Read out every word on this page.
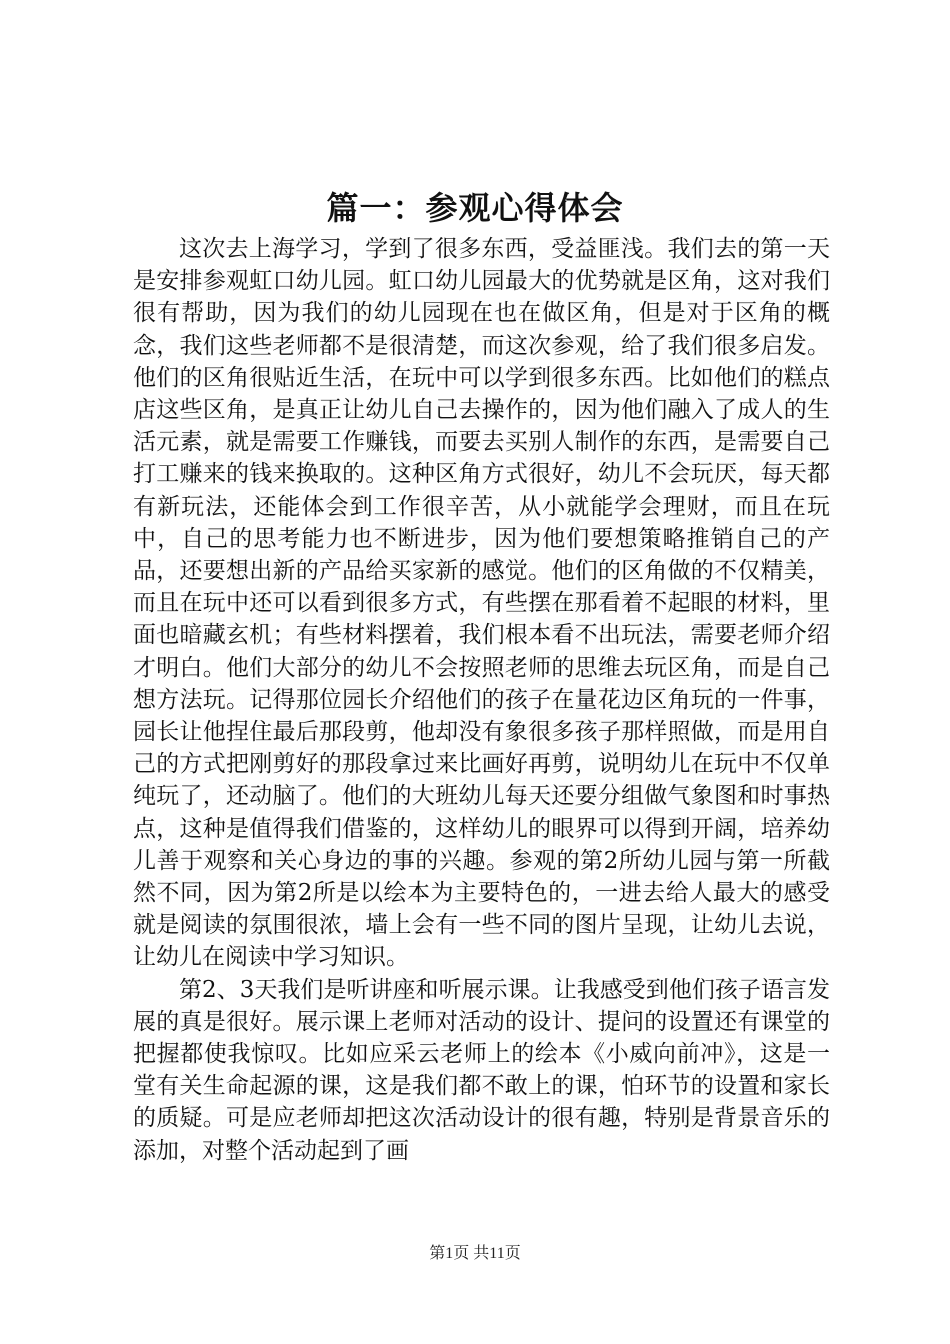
篇一：参观心得体会

这次去上海学习，学到了很多东西，受益匪浅。我们去的第一天是安排参观虹口幼儿园。虹口幼儿园最大的优势就是区角，这对我们很有帮助，因为我们的幼儿园现在也在做区角，但是对于区角的概念，我们这些老师都不是很清楚，而这次参观，给了我们很多启发。他们的区角很贴近生活，在玩中可以学到很多东西。比如他们的糕点店这些区角，是真正让幼儿自己去操作的，因为他们融入了成人的生活元素，就是需要工作赚钱，而要去买别人制作的东西，是需要自己打工赚来的钱来换取的。这种区角方式很好，幼儿不会玩厌，每天都有新玩法，还能体会到工作很辛苦，从小就能学会理财，而且在玩中，自己的思考能力也不断进步，因为他们要想策略推销自己的产品，还要想出新的产品给买家新的感觉。他们的区角做的不仅精美，而且在玩中还可以看到很多方式，有些摆在那看着不起眼的材料，里面也暗藏玄机；有些材料摆着，我们根本看不出玩法，需要老师介绍才明白。他们大部分的幼儿不会按照老师的思维去玩区角，而是自己想方法玩。记得那位园长介绍他们的孩子在量花边区角玩的一件事，园长让他捏住最后那段剪，他却没有象很多孩子那样照做，而是用自己的方式把刚剪好的那段拿过来比画好再剪，说明幼儿在玩中不仅单纯玩了，还动脑了。他们的大班幼儿每天还要分组做气象图和时事热点，这种是值得我们借鉴的，这样幼儿的眼界可以得到开阔，培养幼儿善于观察和关心身边的事的兴趣。参观的第2所幼儿园与第一所截然不同，因为第2所是以绘本为主要特色的，一进去给人最大的感受就是阅读的氛围很浓，墙上会有一些不同的图片呈现，让幼儿去说，让幼儿在阅读中学习知识。

第2、3天我们是听讲座和听展示课。让我感受到他们孩子语言发展的真是很好。展示课上老师对活动的设计、提问的设置还有课堂的把握都使我惊叹。比如应采云老师上的绘本《小威向前冲》，这是一堂有关生命起源的课，这是我们都不敢上的课，怕环节的设置和家长的质疑。可是应老师却把这次活动设计的很有趣，特别是背景音乐的添加，对整个活动起到了画

第1页 共11页
